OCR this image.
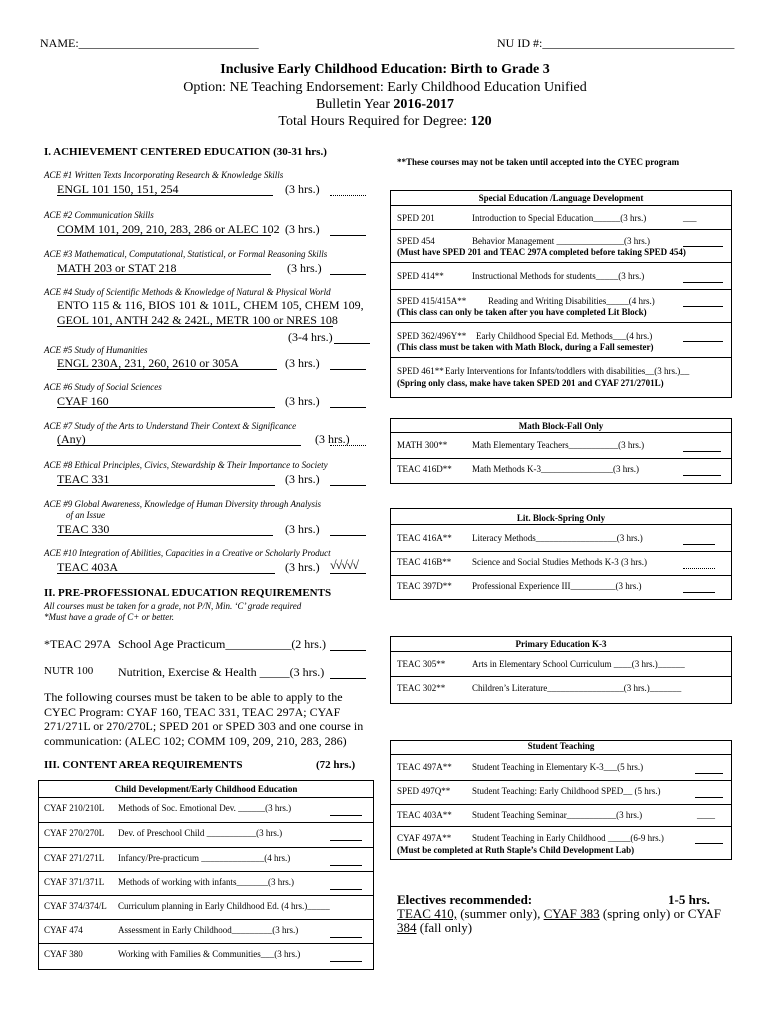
NAME:______________________________	NU ID #:________________________________
Inclusive Early Childhood Education: Birth to Grade 3
Option: NE Teaching Endorsement: Early Childhood Education Unified
Bulletin Year 2016-2017
Total Hours Required for Degree: 120
I. ACHIEVEMENT CENTERED EDUCATION (30-31 hrs.)
ACE #1 Written Texts Incorporating Research & Knowledge Skills
ENGL 101 150, 151, 254	(3 hrs.)
ACE #2 Communication Skills
COMM 101, 209, 210, 283, 286 or ALEC 102 (3 hrs.)
ACE #3 Mathematical, Computational, Statistical, or Formal Reasoning Skills
MATH 203 or STAT 218	(3 hrs.)
ACE #4 Study of Scientific Methods & Knowledge of Natural & Physical World
ENTO 115 & 116, BIOS 101 & 101L, CHEM 105, CHEM 109,
GEOL 101, ANTH 242 & 242L, METR 100 or NRES 108
(3-4 hrs.)
ACE #5 Study of Humanities
ENGL 230A, 231, 260, 2610 or 305A	(3 hrs.)
ACE #6 Study of Social Sciences
CYAF 160	(3 hrs.)
ACE #7 Study of the Arts to Understand Their Context & Significance
(Any)	(3 hrs.)
ACE #8 Ethical Principles, Civics, Stewardship & Their Importance to Society
TEAC 331	(3 hrs.)
ACE #9 Global Awareness, Knowledge of Human Diversity through Analysis
of an Issue
TEAC 330	(3 hrs.)
ACE #10 Integration of Abilities, Capacities in a Creative or Scholarly Product
TEAC 403A	(3 hrs.) √√√√√
II. PRE-PROFESSIONAL EDUCATION REQUIREMENTS
All courses must be taken for a grade, not P/N, Min. ‘C’ grade required
*Must have a grade of C+ or better.
*TEAC 297A School Age Practicum___________(2 hrs.)
NUTR 100 Nutrition, Exercise & Health _____(3 hrs.)
The following courses must be taken to be able to apply to the CYEC Program: CYAF 160, TEAC 331, TEAC 297A; CYAF 271/271L or 270/270L; SPED 201 or SPED 303 and one course in communication: (ALEC 102; COMM 109, 209, 210, 283, 286)
III. CONTENT AREA REQUIREMENTS	(72 hrs.)
Child Development/Early Childhood Education
CYAF 210/210L Methods of Soc. Emotional Dev. ______(3 hrs.)
CYAF 270/270L Dev. of Preschool Child ___________(3 hrs.)
CYAF 271/271L Infancy/Pre-practicum ______________(4 hrs.)
CYAF 371/371L Methods of working with infants_______(3 hrs.)
CYAF 374/374/L Curriculum planning in Early Childhood Ed. (4 hrs.)_____
CYAF 474	Assessment in Early Childhood_________(3 hrs.)
CYAF 380	Working with Families & Communities___(3 hrs.)
**These courses may not be taken until accepted into the CYEC program
Special Education /Language Development
SPED 201	Introduction to Special Education______(3 hrs.)	___
SPED 454	Behavior Management _______________(3 hrs.)
(Must have SPED 201 and TEAC 297A completed before taking SPED 454)
SPED 414**	Instructional Methods for students_____(3 hrs.)
SPED 415/415A** Reading and Writing Disabilities_____(4 hrs.)
(This class can only be taken after you have completed Lit Block)
SPED 362/496Y** Early Childhood Special Ed. Methods___(4 hrs.)
(This class must be taken with Math Block, during a Fall semester)
SPED 461** Early Interventions for Infants/toddlers with disabilities__(3 hrs.)__
(Spring only class, make have taken SPED 201 and CYAF 271/2701L)
Math Block-Fall Only
MATH 300**	Math Elementary Teachers___________(3 hrs.)
TEAC 416D** Math Methods K-3________________(3 hrs.)
Lit. Block-Spring Only
TEAC 416A** Literacy Methods__________________(3 hrs.)
TEAC 416B** Science and Social Studies Methods K-3 (3 hrs.)
TEAC 397D** Professional Experience III__________(3 hrs.)
Primary Education K-3
TEAC 305**	Arts in Elementary School Curriculum ____(3 hrs.)______
TEAC 302**	Children’s Literature_________________(3 hrs.)_______
Student Teaching
TEAC 497A** Student Teaching in Elementary K-3___(5 hrs.)
SPED 497Q** Student Teaching: Early Childhood SPED__ (5 hrs.)
TEAC 403A** Student Teaching Seminar___________(3 hrs.)	____
CYAF 497A** Student Teaching in Early Childhood _____(6-9 hrs.)
(Must be completed at Ruth Staple’s Child Development Lab)
Electives recommended:	1-5 hrs.
TEAC 410, (summer only), CYAF 383 (spring only) or CYAF
384 (fall only)
